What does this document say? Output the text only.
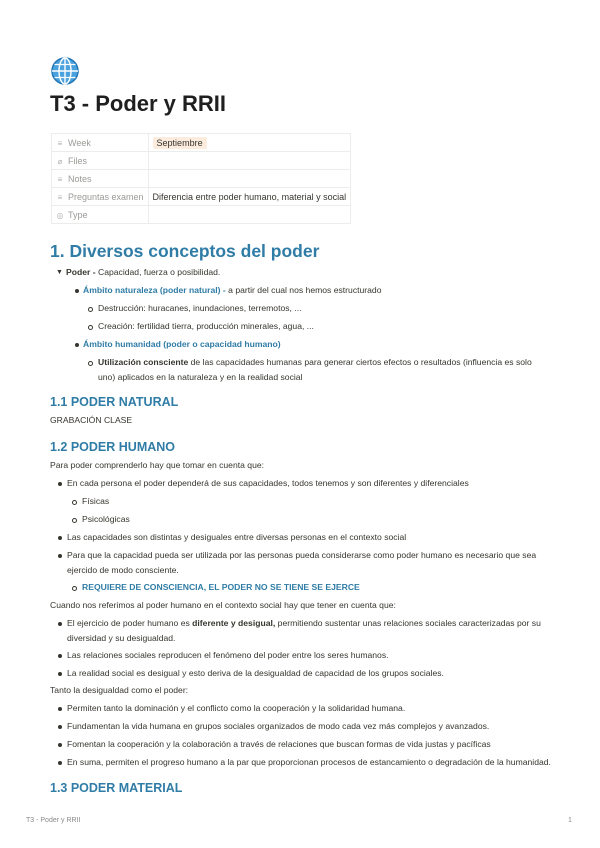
T3 - Poder y RRII
≡ Week	Septiembre
⌀ Files	
≡ Notes	
≡ Preguntas examen	Diferencia entre poder humano, material y social
◎ Type	
1. Diversos conceptos del poder
▼ Poder - Capacidad, fuerza o posibilidad.

Ámbito naturaleza (poder natural) - a partir del cual nos hemos estructurado

Destrucción: huracanes, inundaciones, terremotos, ...

Creación: fertilidad tierra, producción minerales, agua, ...

Ámbito humanidad (poder o capacidad humano)

Utilización consciente de las capacidades humanas para generar ciertos efectos o resultados (influencia es solo uno) aplicados en la naturaleza y en la realidad social

1.1 PODER NATURAL

GRABACIÓN CLASE

1.2 PODER HUMANO

Para poder comprenderlo hay que tomar en cuenta que:

En cada persona el poder dependerá de sus capacidades, todos tenemos y son diferentes y diferenciales

Físicas

Psicológicas

Las capacidades son distintas y desiguales entre diversas personas en el contexto social

Para que la capacidad pueda ser utilizada por las personas pueda considerarse como poder humano es necesario que sea ejercido de modo consciente.

REQUIERE DE CONSCIENCIA, EL PODER NO SE TIENE SE EJERCE

Cuando nos referimos al poder humano en el contexto social hay que tener en cuenta que:

El ejercicio de poder humano es diferente y desigual, permitiendo sustentar unas relaciones sociales caracterizadas por su diversidad y su desigualdad.

Las relaciones sociales reproducen el fenómeno del poder entre los seres humanos.

La realidad social es desigual y esto deriva de la desigualdad de capacidad de los grupos sociales.

Tanto la desigualdad como el poder:

Permiten tanto la dominación y el conflicto como la cooperación y la solidaridad humana.

Fundamentan la vida humana en grupos sociales organizados de modo cada vez más complejos y avanzados.

Fomentan la cooperación y la colaboración a través de relaciones que buscan formas de vida justas y pacíficas

En suma, permiten el progreso humano a la par que proporcionan procesos de estancamiento o degradación de la humanidad.

1.3 PODER MATERIAL

T3 - Poder y RRII	1
